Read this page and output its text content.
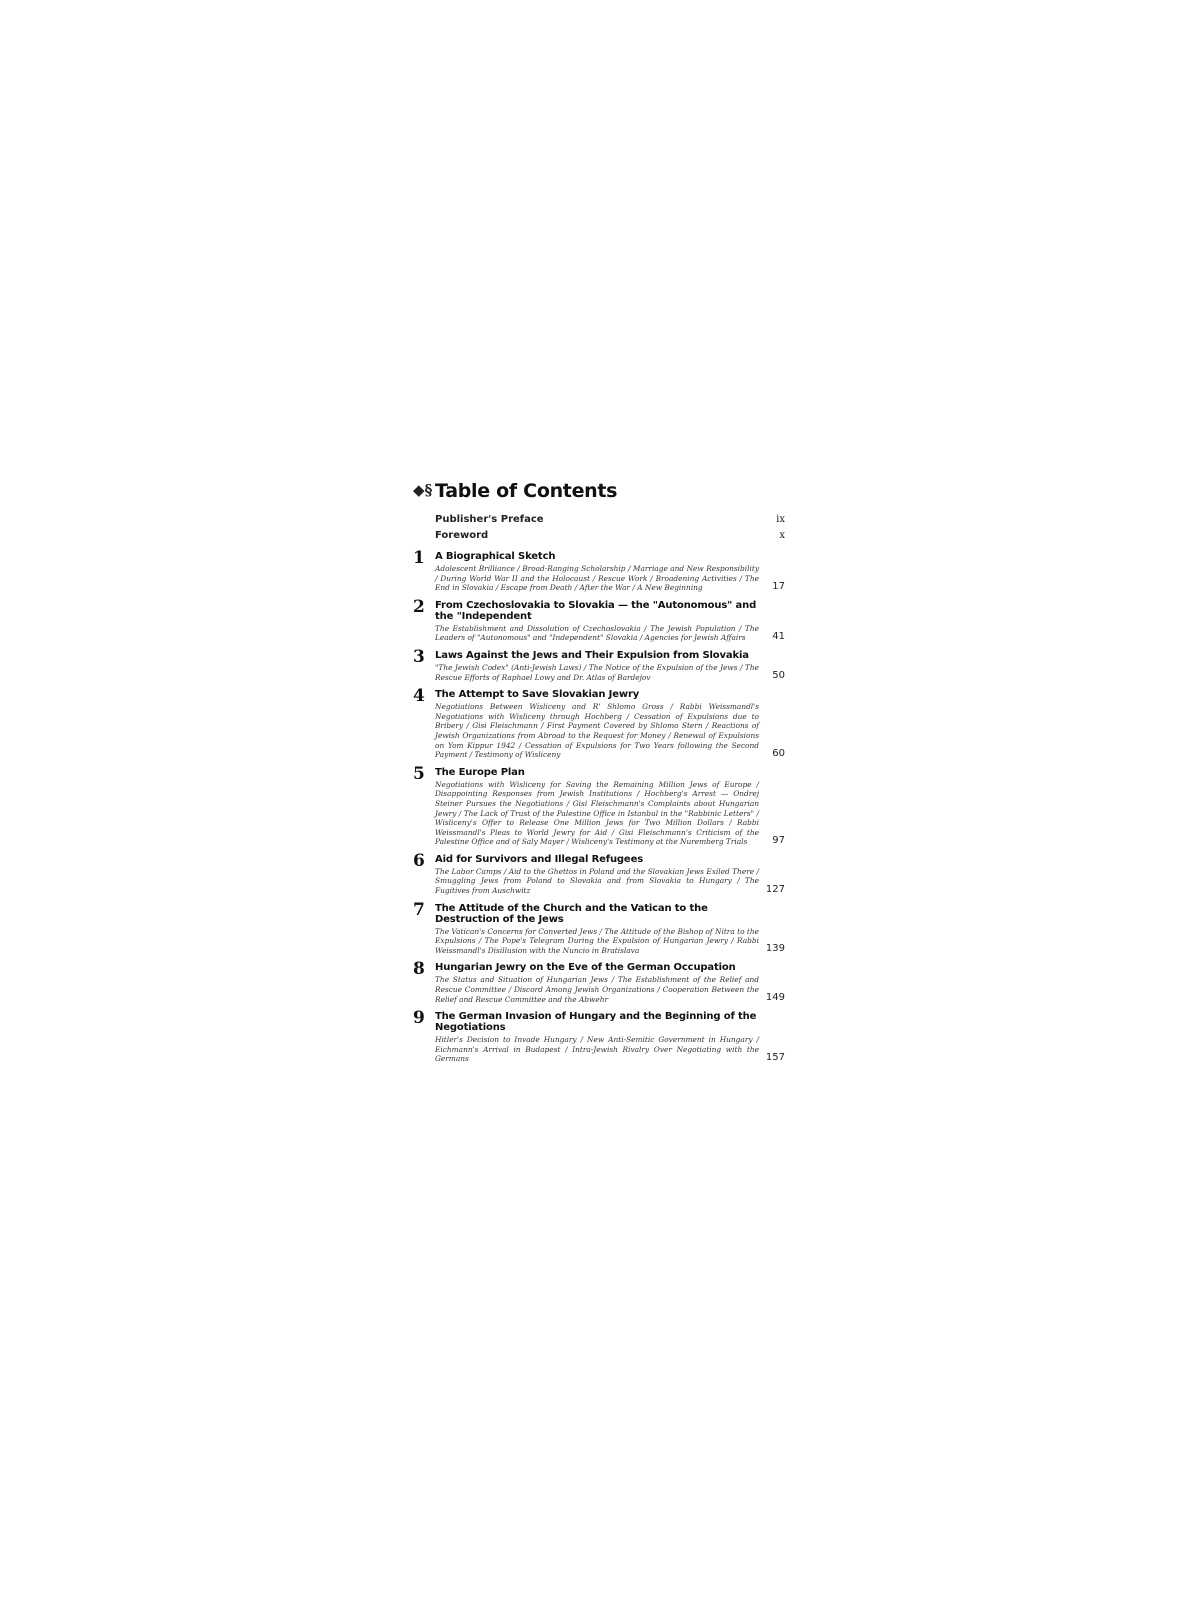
◆§ Table of Contents
Publisher's Preface	ix
Foreword	x
1	A Biographical Sketch
Adolescent Brilliance / Broad-Ranging Scholarship / Marriage and New Responsibility / During World War II and the Holocaust / Rescue Work / Broadening Activities / The End in Slovakia / Escape from Death / After the War / A New Beginning	17
2	From Czechoslovakia to Slovakia — the "Autonomous" and the "Independent
The Establishment and Dissolution of Czechoslovakia / The Jewish Population / The Leaders of "Autonomous" and "Independent" Slovakia / Agencies for Jewish Affairs	41
3	Laws Against the Jews and Their Expulsion from Slovakia
"The Jewish Codex" (Anti-Jewish Laws) / The Notice of the Expulsion of the Jews / The Rescue Efforts of Raphael Lowy and Dr. Atlas of Bardejov	50
4	The Attempt to Save Slovakian Jewry
Negotiations Between Wisliceny and R' Shlomo Gross / Rabbi Weissmandl's Negotiations with Wisliceny through Hochberg / Cessation of Expulsions due to Bribery / Gisi Fleischmann / First Payment Covered by Shlomo Stern / Reactions of Jewish Organizations from Abroad to the Request for Money / Renewal of Expulsions on Yom Kippur 1942 / Cessation of Expulsions for Two Years following the Second Payment / Testimony of Wisliceny	60
5	The Europe Plan
Negotiations with Wisliceny for Saving the Remaining Million Jews of Europe / Disappointing Responses from Jewish Institutions / Hochberg's Arrest — Ondrej Steiner Pursues the Negotiations / Gisi Fleischmann's Complaints about Hungarian Jewry / The Lack of Trust of the Palestine Office in Istanbul in the "Rabbinic Letters" / Wisliceny's Offer to Release One Million Jews for Two Million Dollars / Rabbi Weissmandl's Pleas to World Jewry for Aid / Gisi Fleischmann's Criticism of the Palestine Office and of Saly Mayer / Wisliceny's Testimony at the Nuremberg Trials	97
6	Aid for Survivors and Illegal Refugees
The Labor Camps / Aid to the Ghettos in Poland and the Slovakian Jews Exiled There / Smuggling Jews from Poland to Slovakia and from Slovakia to Hungary / The Fugitives from Auschwitz	127
7	The Attitude of the Church and the Vatican to the Destruction of the Jews
The Vatican's Concerns for Converted Jews / The Attitude of the Bishop of Nitra to the Expulsions / The Pope's Telegram During the Expulsion of Hungarian Jewry / Rabbi Weissmandl's Disillusion with the Nuncio in Bratislava	139
8	Hungarian Jewry on the Eve of the German Occupation
The Status and Situation of Hungarian Jews / The Establishment of the Relief and Rescue Committee / Discord Among Jewish Organizations / Cooperation Between the Relief and Rescue Committee and the Abwehr	149
9	The German Invasion of Hungary and the Beginning of the Negotiations
Hitler's Decision to Invade Hungary / New Anti-Semitic Government in Hungary / Eichmann's Arrival in Budapest / Intra-Jewish Rivalry Over Negotiating with the Germans	157
